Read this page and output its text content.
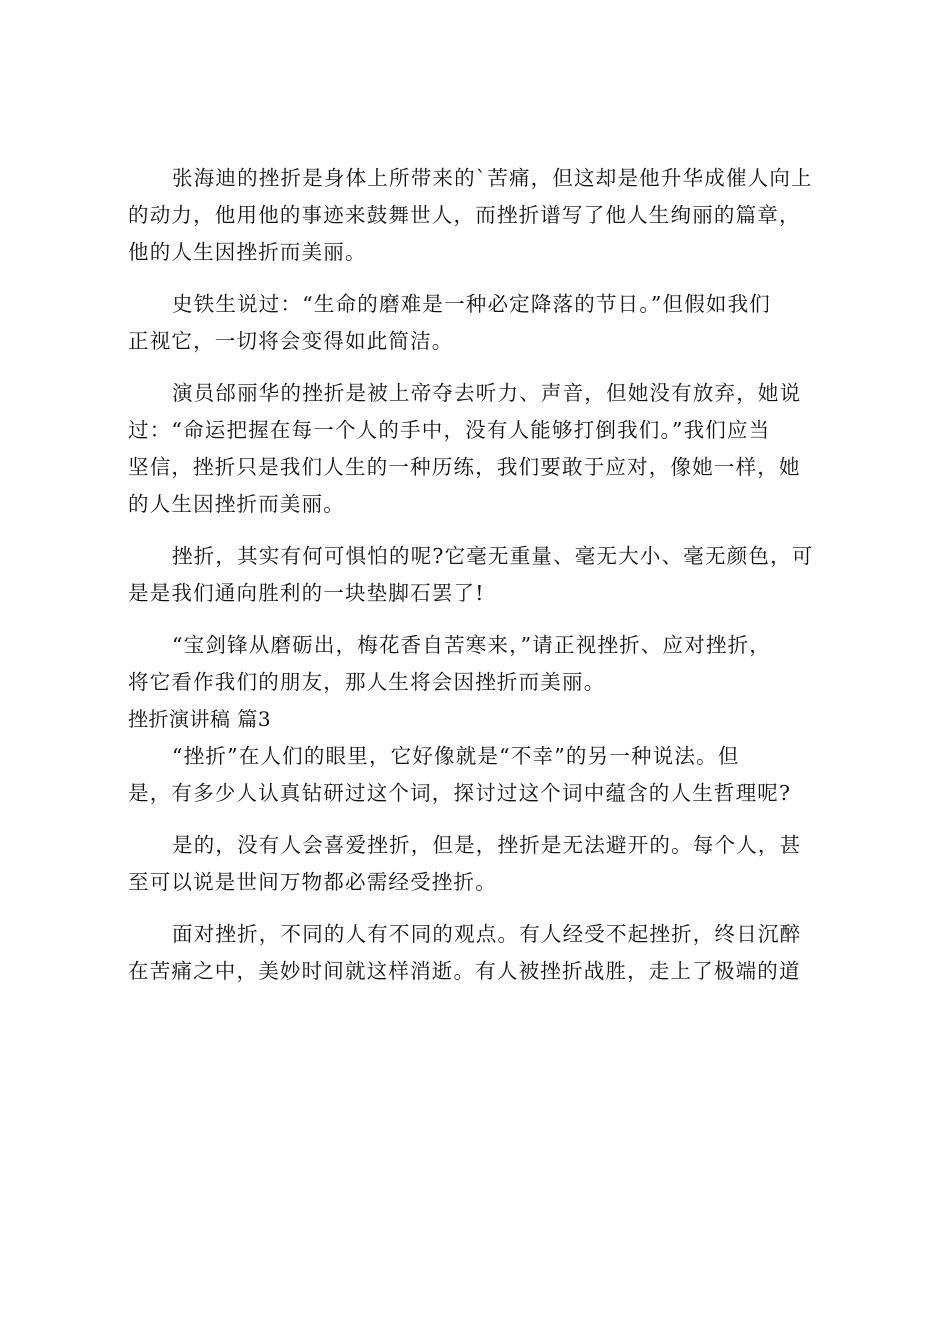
张海迪的挫折是身体上所带来的`苦痛，但这却是他升华成催人向上
的动力，他用他的事迹来鼓舞世人，而挫折谱写了他人生绚丽的篇章，
他的人生因挫折而美丽。
史铁生说过：“生命的磨难是一种必定降落的节日。”但假如我们
正视它，一切将会变得如此简洁。
演员邰丽华的挫折是被上帝夺去听力、声音，但她没有放弃，她说
过：“命运把握在每一个人的手中，没有人能够打倒我们。”我们应当
坚信，挫折只是我们人生的一种历练，我们要敢于应对，像她一样，她
的人生因挫折而美丽。
挫折，其实有何可惧怕的呢?它毫无重量、毫无大小、毫无颜色，可
是是我们通向胜利的一块垫脚石罢了!
“宝剑锋从磨砺出，梅花香自苦寒来，”请正视挫折、应对挫折，
将它看作我们的朋友，那人生将会因挫折而美丽。
挫折演讲稿 篇3
“挫折”在人们的眼里，它好像就是“不幸”的另一种说法。但
是，有多少人认真钻研过这个词，探讨过这个词中蕴含的人生哲理呢?
是的，没有人会喜爱挫折，但是，挫折是无法避开的。每个人，甚
至可以说是世间万物都必需经受挫折。
面对挫折，不同的人有不同的观点。有人经受不起挫折，终日沉醉
在苦痛之中，美妙时间就这样消逝。有人被挫折战胜，走上了极端的道
